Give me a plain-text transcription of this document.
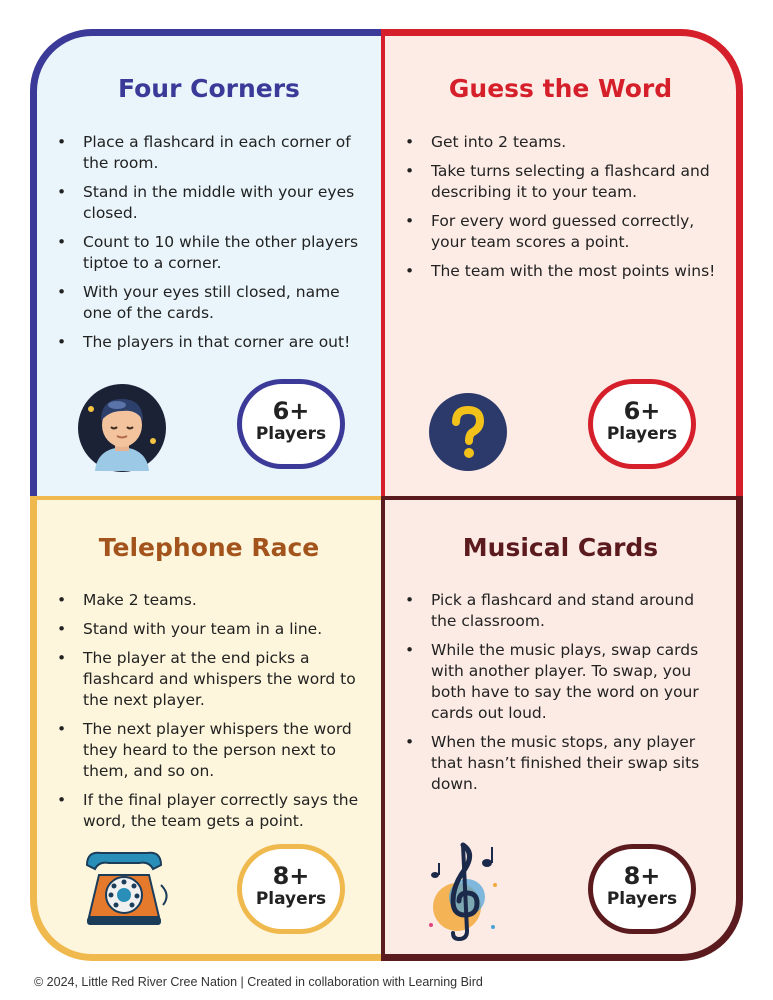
Four Corners
• Place a flashcard in each corner of the room.
• Stand in the middle with your eyes closed.
• Count to 10 while the other players tiptoe to a corner.
• With your eyes still closed, name one of the cards.
• The players in that corner are out!
6+
Players
Guess the Word
• Get into 2 teams.
• Take turns selecting a flashcard and describing it to your team.
• For every word guessed correctly, your team scores a point.
• The team with the most points wins!
6+
Players
Telephone Race
• Make 2 teams.
• Stand with your team in a line.
• The player at the end picks a flashcard and whispers the word to the next player.
• The next player whispers the word they heard to the person next to them, and so on.
• If the final player correctly says the word, the team gets a point.
8+
Players
Musical Cards
• Pick a flashcard and stand around the classroom.
• While the music plays, swap cards with another player. To swap, you both have to say the word on your cards out loud.
• When the music stops, any player that hasn’t finished their swap sits down.
8+
Players
© 2024, Little Red River Cree Nation | Created in collaboration with Learning Bird
